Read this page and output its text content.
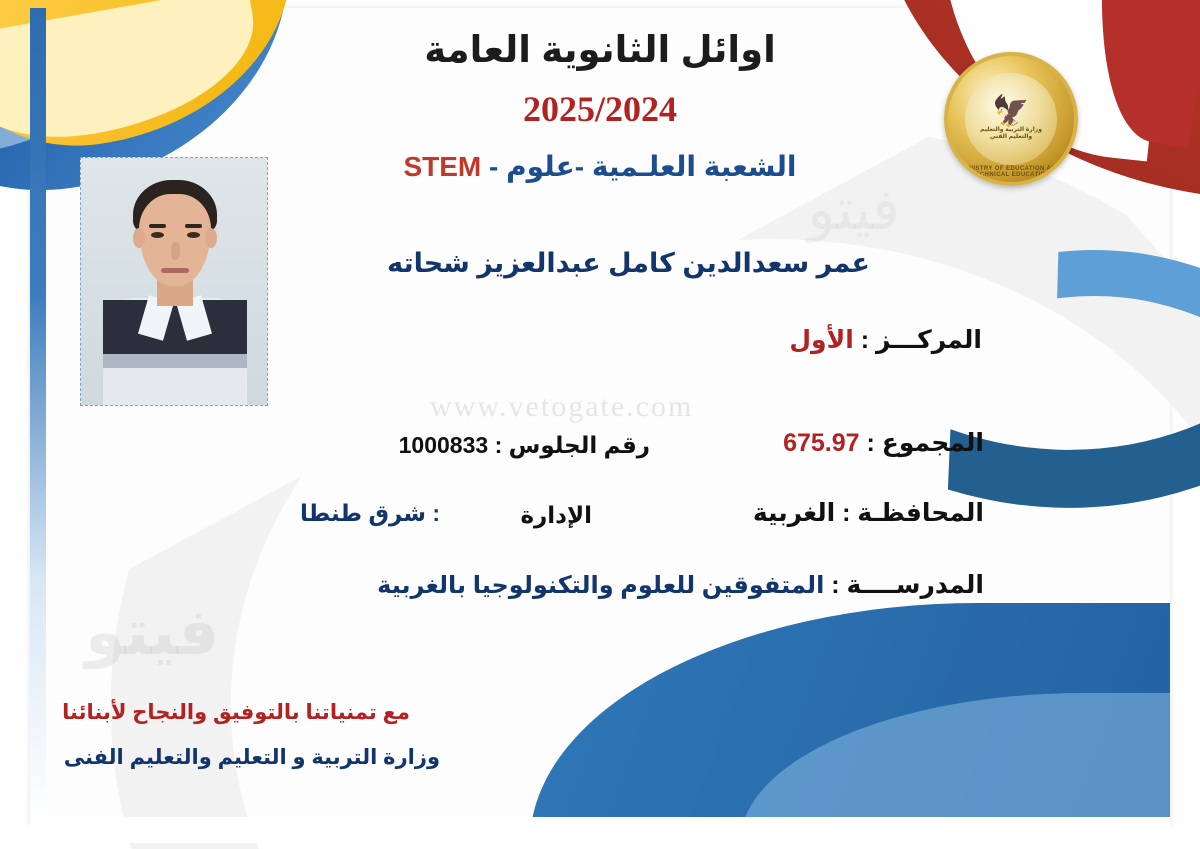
www.vetogate.com
فيتو
فيتو
اوائل الثانوية العامة
2025/2024
الشعبة العلـمية -علوم - STEM
🦅
وزارة التربية والتعليم والتعليم الفني
MINISTRY OF EDUCATION AND TECHNICAL EDUCATION
عمر سعدالدين كامل عبدالعزيز شحاته
المركـــز : الأول
المجموع : 675.97
رقم الجلوس : 1000833
المحافظـة : الغربية
الإدارة
: شرق طنطا
المدرســــة : المتفوقين للعلوم والتكنولوجيا بالغربية
مع تمنياتنا بالتوفيق والنجاح لأبنائنا
وزارة التربية و التعليم والتعليم الفنى
